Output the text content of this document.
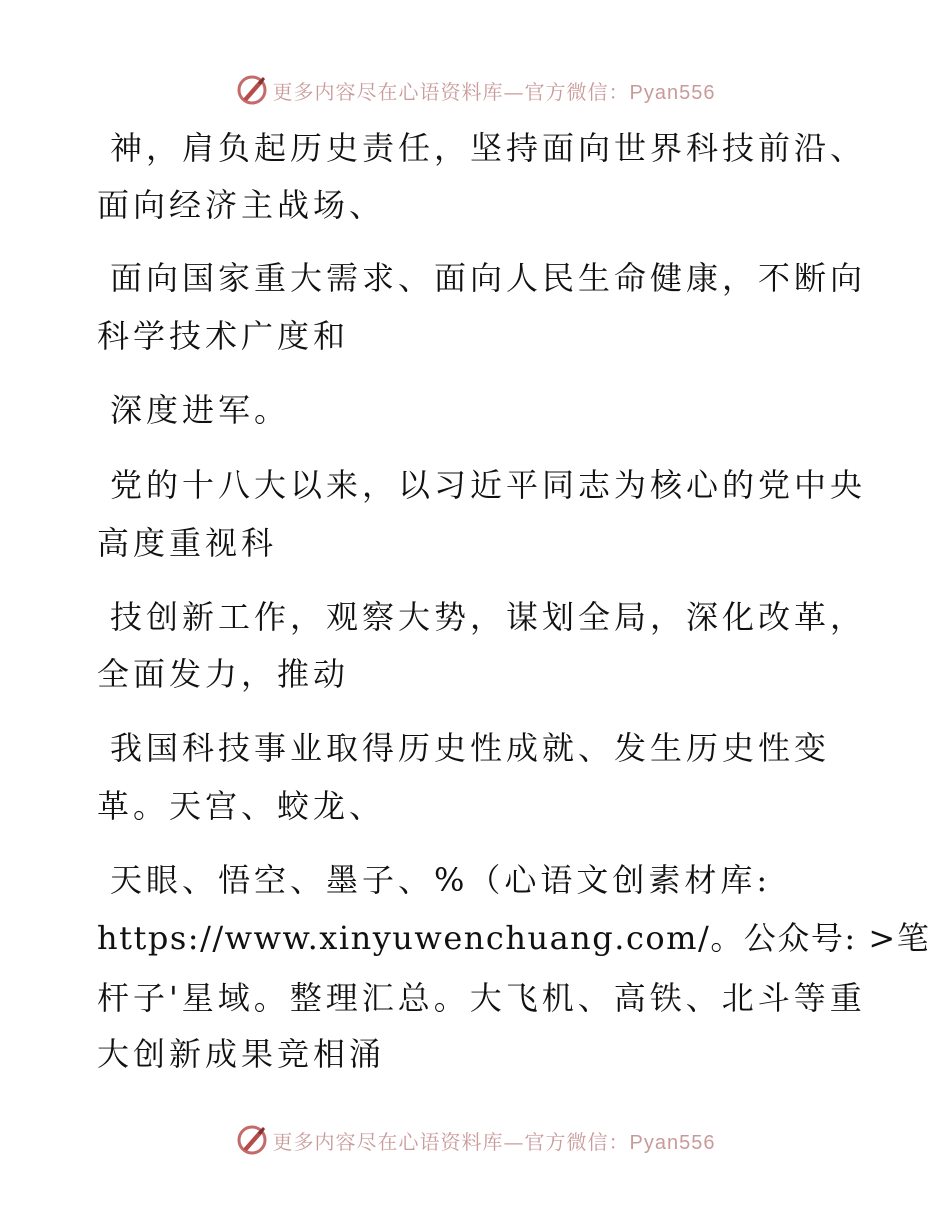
更多内容尽在心语资料库—官方微信：Pyan556
神，肩负起历史责任，坚持面向世界科技前沿、
面向经济主战场、
面向国家重大需求、面向人民生命健康，不断向
科学技术广度和
深度进军。
党的十八大以来，以习近平同志为核心的党中央
高度重视科
技创新工作，观察大势，谋划全局，深化改革，
全面发力，推动
我国科技事业取得历史性成就、发生历史性变
革。天宫、蛟龙、
天眼、悟空、墨子、%（心语文创素材库:
https://www.xinyuwenchuang.com/。公众号: >笔
杆子'星域。整理汇总。大飞机、高铁、北斗等重
大创新成果竞相涌
更多内容尽在心语资料库—官方微信：Pyan556
